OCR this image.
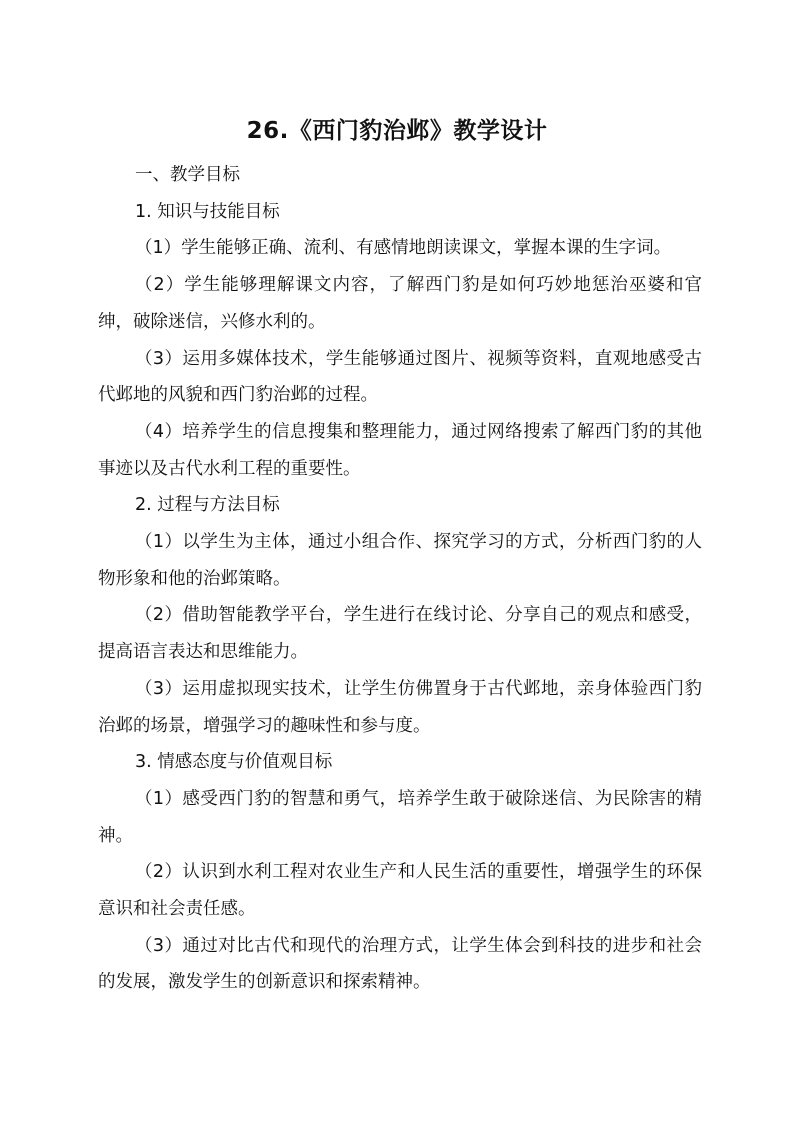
26.《西门豹治邺》教学设计

一、教学目标

1. 知识与技能目标

（1）学生能够正确、流利、有感情地朗读课文，掌握本课的生字词。

（2）学生能够理解课文内容，了解西门豹是如何巧妙地惩治巫婆和官绅，破除迷信，兴修水利的。

（3）运用多媒体技术，学生能够通过图片、视频等资料，直观地感受古代邺地的风貌和西门豹治邺的过程。

（4）培养学生的信息搜集和整理能力，通过网络搜索了解西门豹的其他事迹以及古代水利工程的重要性。

2. 过程与方法目标

（1）以学生为主体，通过小组合作、探究学习的方式，分析西门豹的人物形象和他的治邺策略。

（2）借助智能教学平台，学生进行在线讨论、分享自己的观点和感受，提高语言表达和思维能力。

（3）运用虚拟现实技术，让学生仿佛置身于古代邺地，亲身体验西门豹治邺的场景，增强学习的趣味性和参与度。

3. 情感态度与价值观目标

（1）感受西门豹的智慧和勇气，培养学生敢于破除迷信、为民除害的精神。

（2）认识到水利工程对农业生产和人民生活的重要性，增强学生的环保意识和社会责任感。

（3）通过对比古代和现代的治理方式，让学生体会到科技的进步和社会的发展，激发学生的创新意识和探索精神。
